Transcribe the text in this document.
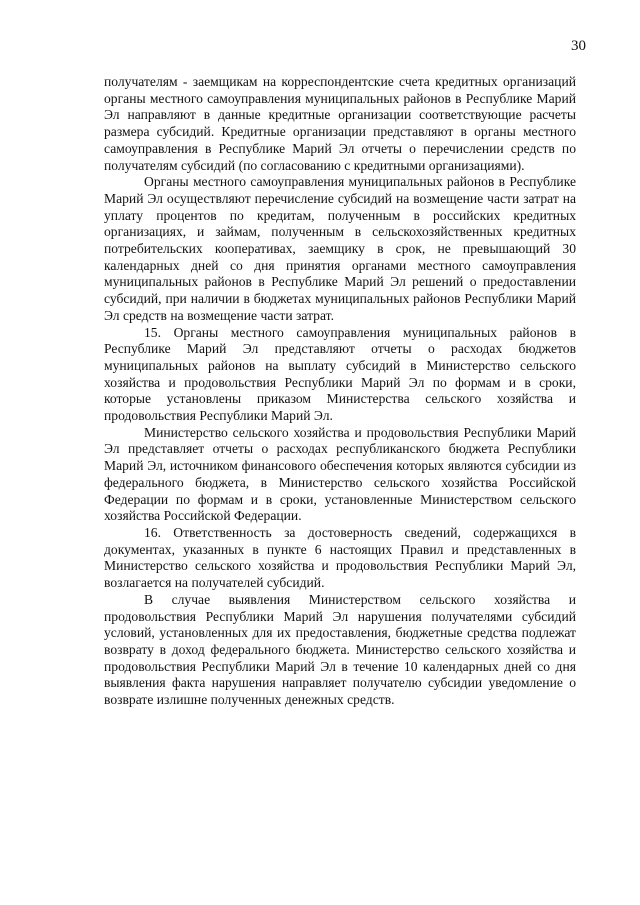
30

получателям - заемщикам на корреспондентские счета кредитных организаций органы местного самоуправления муниципальных районов в Республике Марий Эл направляют в данные кредитные организации соответствующие расчеты размера субсидий. Кредитные организации представляют в органы местного самоуправления в Республике Марий Эл отчеты о перечислении средств по получателям субсидий (по согласованию с кредитными организациями).

Органы местного самоуправления муниципальных районов в Республике Марий Эл осуществляют перечисление субсидий на возмещение части затрат на уплату процентов по кредитам, полученным в российских кредитных организациях, и займам, полученным в сельскохозяйственных кредитных потребительских кооперативах, заемщику в срок, не превышающий 30 календарных дней со дня принятия органами местного самоуправления муниципальных районов в Республике Марий Эл решений о предоставлении субсидий, при наличии в бюджетах муниципальных районов Республики Марий Эл средств на возмещение части затрат.

15. Органы местного самоуправления муниципальных районов в Республике Марий Эл представляют отчеты о расходах бюджетов муниципальных районов на выплату субсидий в Министерство сельского хозяйства и продовольствия Республики Марий Эл по формам и в сроки, которые установлены приказом Министерства сельского хозяйства и продовольствия Республики Марий Эл.

Министерство сельского хозяйства и продовольствия Республики Марий Эл представляет отчеты о расходах республиканского бюджета Республики Марий Эл, источником финансового обеспечения которых являются субсидии из федерального бюджета, в Министерство сельского хозяйства Российской Федерации по формам и в сроки, установленные Министерством сельского хозяйства Российской Федерации.

16. Ответственность за достоверность сведений, содержащихся в документах, указанных в пункте 6 настоящих Правил и представленных в Министерство сельского хозяйства и продовольствия Республики Марий Эл, возлагается на получателей субсидий.

В случае выявления Министерством сельского хозяйства и продовольствия Республики Марий Эл нарушения получателями субсидий условий, установленных для их предоставления, бюджетные средства подлежат возврату в доход федерального бюджета. Министерство сельского хозяйства и продовольствия Республики Марий Эл в течение 10 календарных дней со дня выявления факта нарушения направляет получателю субсидии уведомление о возврате излишне полученных денежных средств.
